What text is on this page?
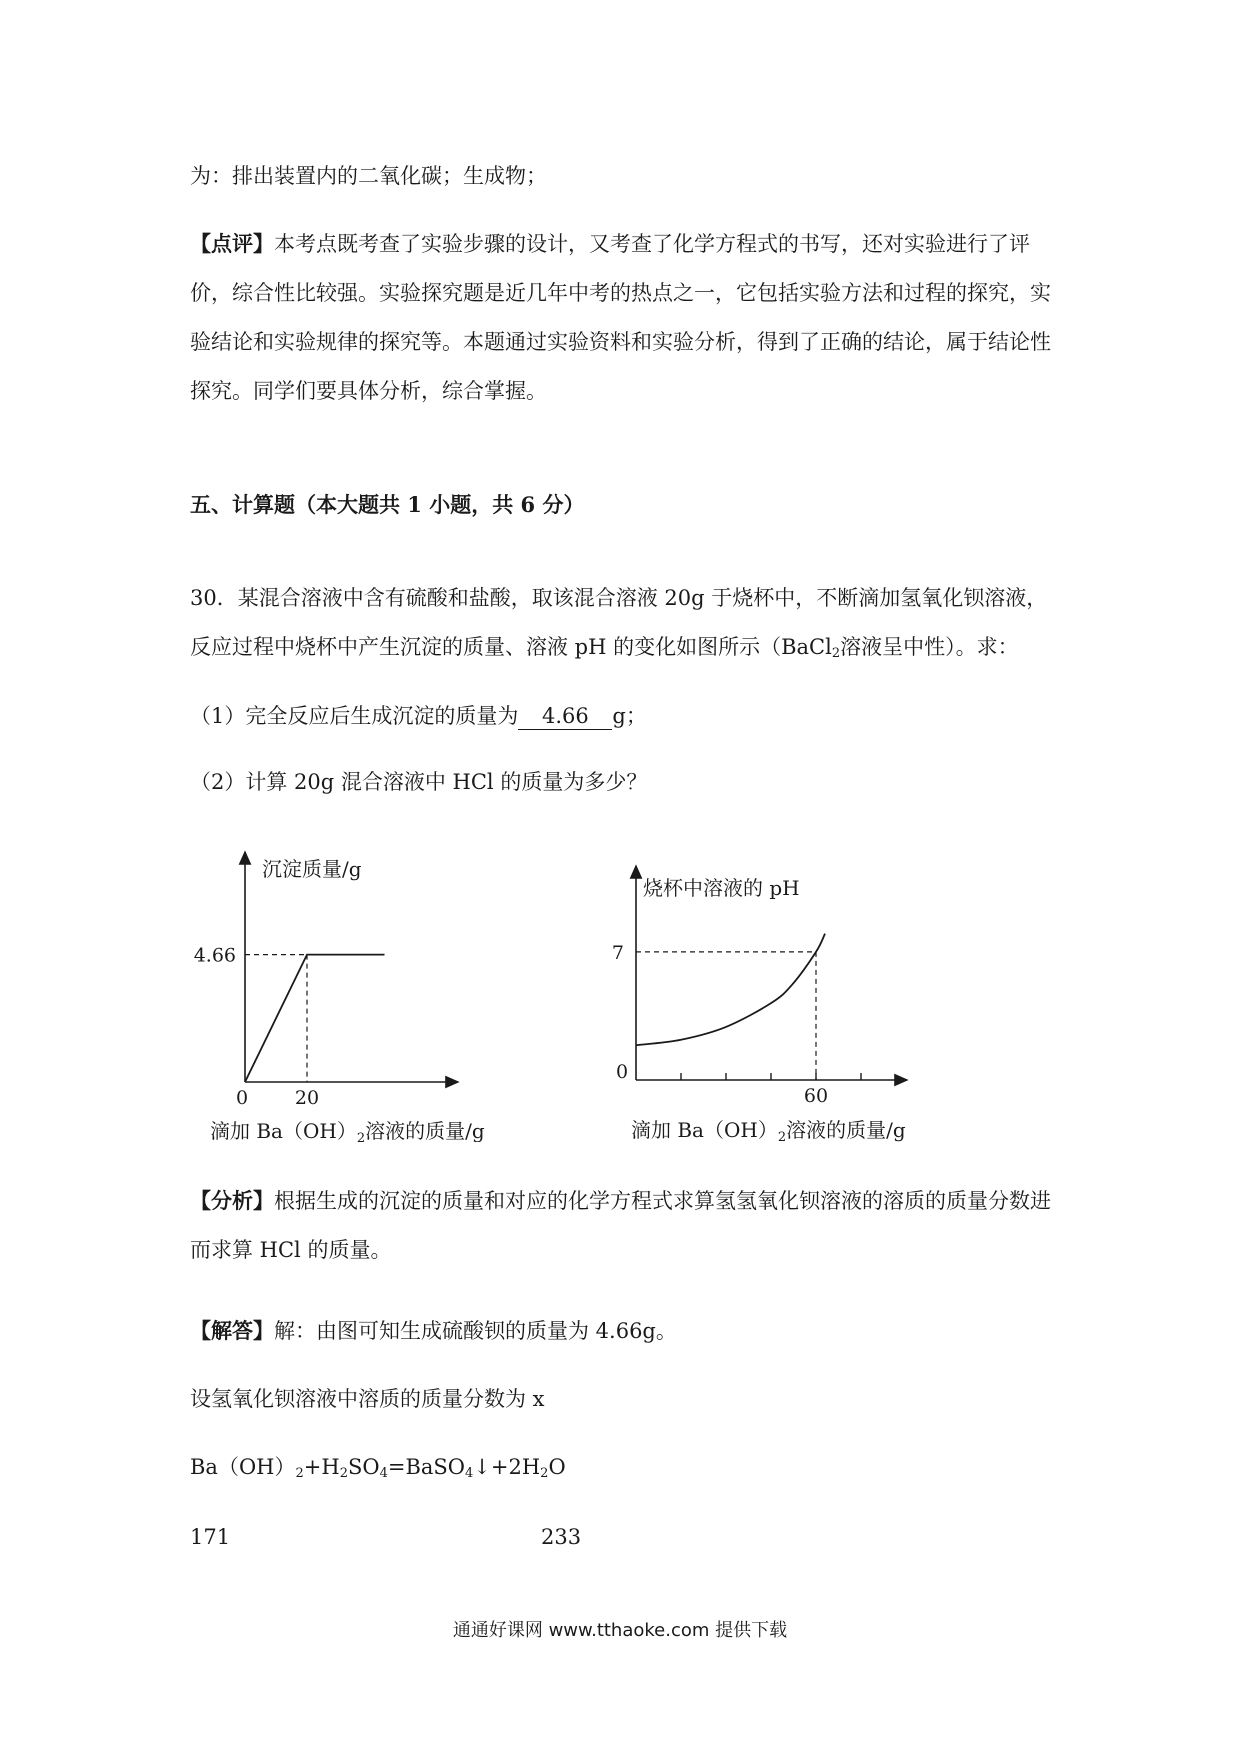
为：排出装置内的二氧化碳；生成物；

【点评】本考点既考查了实验步骤的设计，又考查了化学方程式的书写，还对实验进行了评价，综合性比较强。实验探究题是近几年中考的热点之一，它包括实验方法和过程的探究，实验结论和实验规律的探究等。本题通过实验资料和实验分析，得到了正确的结论，属于结论性探究。同学们要具体分析，综合掌握。

五、计算题（本大题共 1 小题，共 6 分）

30．某混合溶液中含有硫酸和盐酸，取该混合溶液 20g 于烧杯中，不断滴加氢氧化钡溶液，反应过程中烧杯中产生沉淀的质量、溶液 pH 的变化如图所示（BaCl$_2$溶液呈中性）。求：

（1）完全反应后生成沉淀的质量为 4.66 g；

（2）计算 20g 混合溶液中 HCl 的质量为多少？

沉淀质量/g
4.66
0 20
滴加 $Ba(OH)_2$溶液的质量/g
烧杯中溶液的 pH
7
0
60
滴加 $Ba(OH)_2$溶液的质量/g

【分析】根据生成的沉淀的质量和对应的化学方程式求算氢氢氧化钡溶液的溶质的质量分数进而求算 HCl 的质量。

【解答】解：由图可知生成硫酸钡的质量为 4.66g。

设氢氧化钡溶液中溶质的质量分数为 x

$Ba(OH)_2+H_2SO_4=BaSO_4↓+2H_2O$

171	233
通通好课网 www.tthaoke.com 提供下载
